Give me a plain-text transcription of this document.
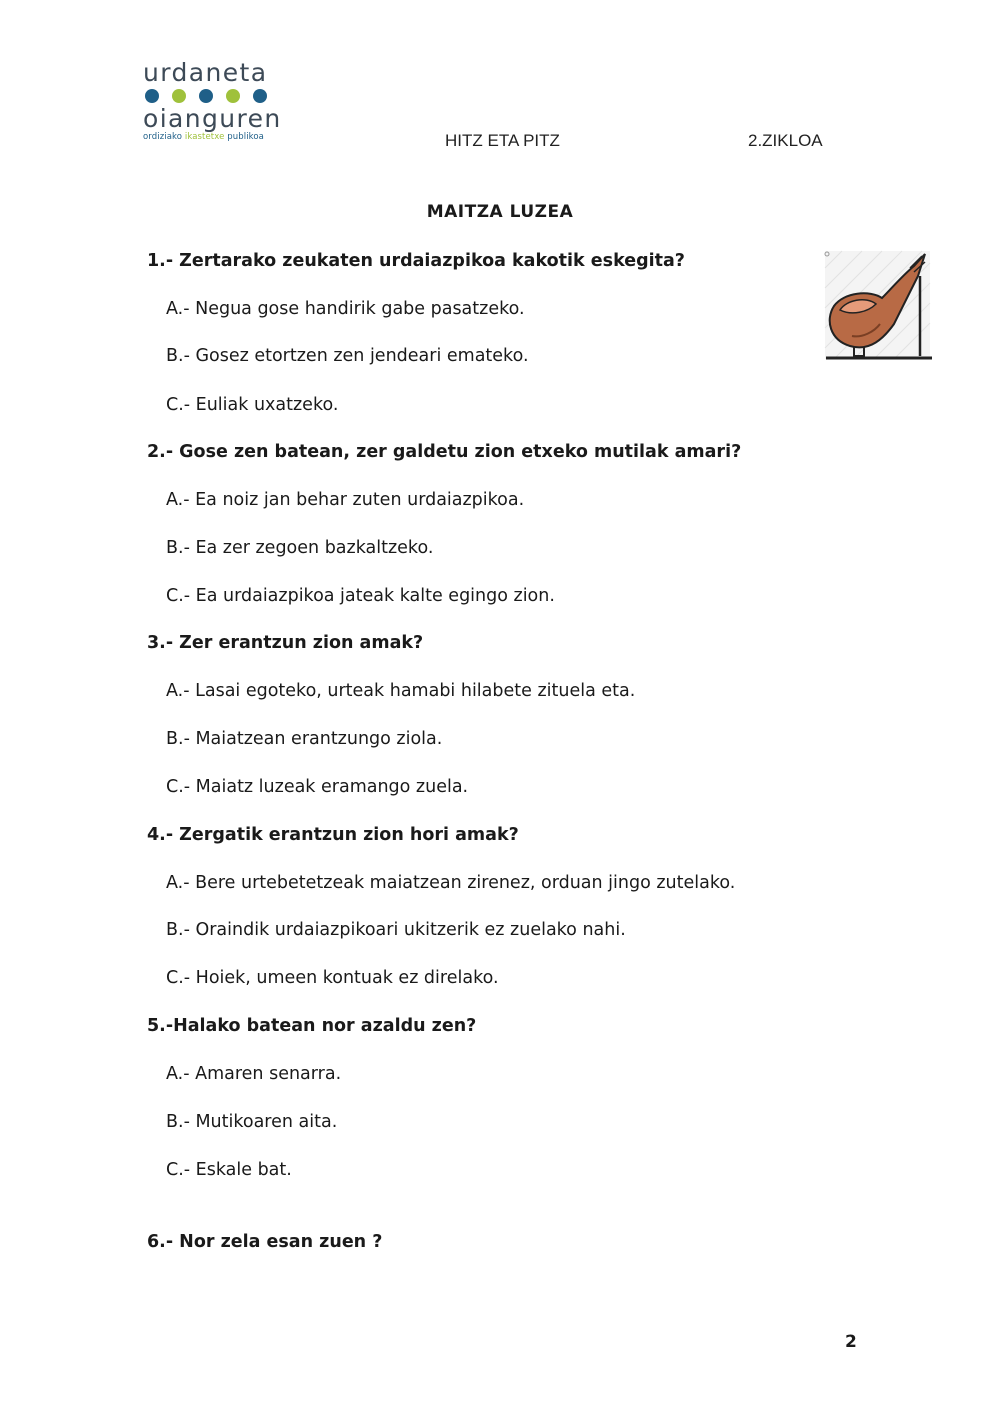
urdaneta
oianguren
ordiziako ikastetxe publikoa	HITZ ETA PITZ	2.ZIKLOA
MAITZA LUZEA
1.- Zertarako zeukaten urdaiazpikoa kakotik eskegita?
A.- Negua gose handirik gabe pasatzeko.
B.- Gosez etortzen zen jendeari emateko.
C.- Euliak uxatzeko.
2.- Gose zen batean, zer galdetu zion etxeko mutilak amari?
A.- Ea noiz jan behar zuten urdaiazpikoa.
B.- Ea zer zegoen bazkaltzeko.
C.- Ea urdaiazpikoa jateak kalte egingo zion.
3.- Zer erantzun zion amak?
A.- Lasai egoteko, urteak hamabi hilabete zituela eta.
B.- Maiatzean erantzungo ziola.
C.- Maiatz luzeak eramango zuela.
4.- Zergatik erantzun zion hori amak?
A.- Bere urtebetetzeak maiatzean zirenez, orduan jingo zutelako.
B.- Oraindik urdaiazpikoari ukitzerik ez zuelako nahi.
C.- Hoiek, umeen kontuak ez direlako.
5.-Halako batean nor azaldu zen?
A.- Amaren senarra.
B.- Mutikoaren aita.
C.- Eskale bat.
6.- Nor zela esan zuen ?
2
